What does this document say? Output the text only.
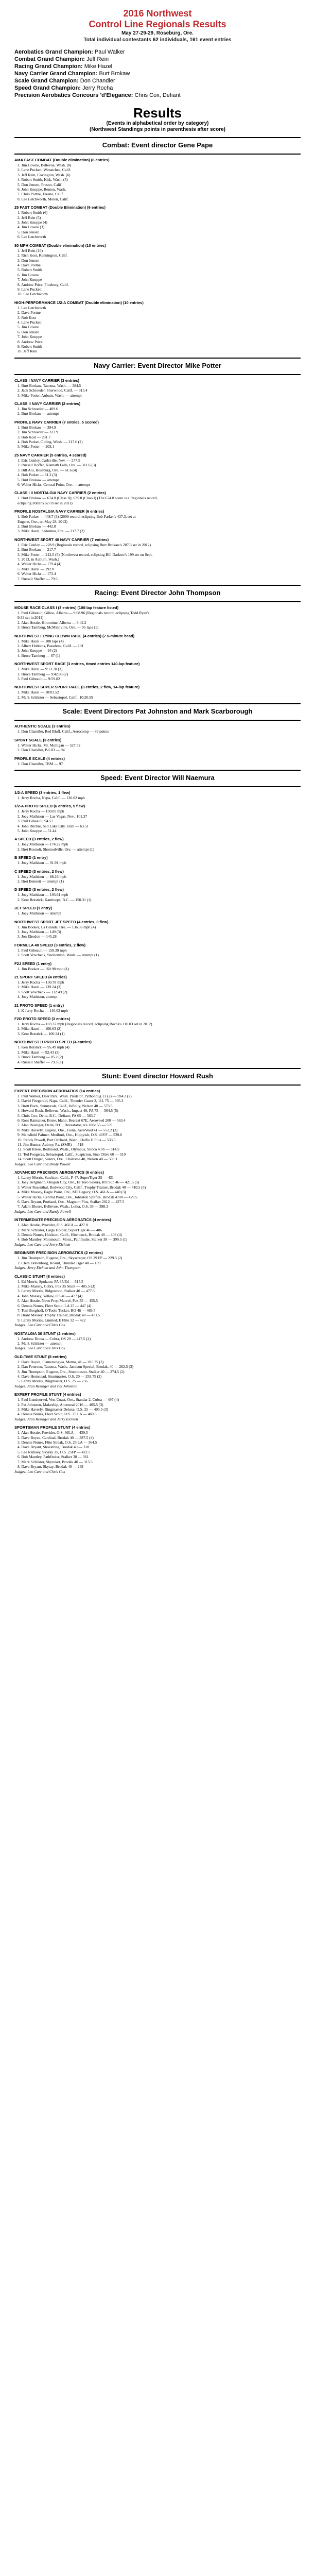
2016 Northwest
Control Line Regionals Results
May 27-29-29, Roseburg, Ore.
Total individual contestants 62 individuals, 161 event entries
Aerobatics Grand Champion: Paul Walker
Combat Grand Champion: Jeff Rein
Racing Grand Champion: Mike Hazel
Navy Carrier Grand Champion: Burt Brokaw
Scale Grand Champion: Don Chandler
Speed Grand Champion: Jerry Rocha
Precision Aerobatics Concours 'd'Elegance: Chris Cox, Defiant
Results
(Events in alphabetical order by category)
(Northwest Standings points in parenthesis after score)
Combat: Event director Gene Pape
AMA FAST COMBAT (Double elimination) (8 entries)
1. Jim Cowne, Bellevue, Wash. (8)
2. Lane Puckett, Wenatchee, Calif.
3. Jeff Rein, Covington, Wash. (6)
4. Robert Smith, Kirk, Wash. (5)
5. Don Jensen, Fresno, Calif.
6. John Knoppe, Renton, Wash.
7. Chris Portne, Fresno, Calif.
8. Lee Letchworth, Molen, Calif.
25 FAST COMBAT (Double Elimination) (6 entries)
1. Robert Smith (6)
2. Jeff Rein (5)
3. John Knoppe (4)
4. Jim Cowne (3)
5. Don Jensen
6. Lee Letchworth
80 MPH COMBAT (Double elimination) (10 entries)
1. Jeff Rein (10)
2. Rich Kost, Kennington, Calif.
3. Don Jensen
4. Dave Portne
5. Robert Smith
6. Jim Cowne
7. John Knoppe
8. Andrew Price, Pittsburg, Calif.
9. Lane Puckett
10. Lee Letchworth
HIGH-PERFORMANCE 1/2-A COMBAT (Double elimination) (10 entries)
1. Lee Letchworth
2. Dave Portne
3. Rob Kost
4. Lane Puckett
5. Jim Cowne
6. Don Jensen
7. John Knoppe
8. Andrew Price
9. Robert Smith
10. Jeff Rein
Navy Carrier: Event Director Mike Potter
CLASS I NAVY CARRIER (3 entries)
1. Burt Brokaw, Tacoma, Wash. — 384.5
2. Jack Schroeder, Sherwood, Calif. — 315.4
3. Mike Potter, Auburn, Wash. — attempt
CLASS II NAVY CARRIER (2 entries)
1. Jim Schroeder — 409.6
2. Burt Brokaw — attempt
PROFILE NAVY CARRIER (7 entries, 5 scored)
1. Burt Brokaw — 394.9
2. Jim Schroeder — 323.9
3. Bob Kost — 231.7
4. Bob Parker, Olding, Wash. — 217.6 (2)
5. Mike Potter — 203.1
25 NAVY CARRIER (5 entries, 4 scored)
1. Eric Conley, Carlsville, Nev. — 277.5
2. Russell Hoffer, Klamath Falls, Ore. — 311.6 (3)
3. Bill Alu, Roseburg, Ore. — 61.6 (4)
4. Bob Parker — 81.2 (3)
5. Burt Brokaw — attempt
6. Walter Hicks, Central Point, Ore. — attempt
CLASS I II NOSTALGIA NAVY CARRIER (2 entries)
1. Burt Brokaw — 674.8 (Class II); 635.8 (Class I) (The 674.8 score is a Regionals record,
eclipsing Potter's 627.8 set in 2011)
PROFILE NOSTALGIA NAVY CARRIER (6 entries)
1. Bob Parker — 448.7 (3) (2009 record, eclipsing Bob Parker's 437.3, set at
Eugene, Ore., on May 28, 2013)
2. Burt Brokaw — 442.8
3. Mike Hazel, Sedomna, Ore. — 317.7 (2)
NORTHWEST SPORT 40 NAVY CARRIER (7 entries)
1. Eric Conley — 228.9 (Regionals record, eclipsing Burt Brokaw's 207.3 set in 2012)
2. Burt Brokaw — 217.7
3. Mike Potter — 212.5 (5) (Northwest record, eclipsing Bill Darkow's 199 set on Sept.
7, 2013, in Auburn, Wash.)
4. Walter Hicks — 179.4 (4)
5. Mike Hazel — 192.8
6. Walter Hicks — 173.4
7. Russell Shaffer — 79.5
Racing: Event Director John Thompson
MOUSE RACE CLASS I (3 entries) (100-lap feature listed)
1. Paul Gibeault, Gilloo, Alberta — 9:08.96 (Regionals record, eclipsing Todd Ryan's
9:33 set in 2011)
2. Alan Hostie, Hirontime, Alberta — 9:42.2
3. Bruce Tamberg, McMinnville, Ore. — 95 laps (1)
NORTHWEST FLYING CLOWN RACE (4 entries) (7.5-minute head)
1. Mike Hazel — 108 laps (4)
2. Albert Hobbins, Pasadena, Calif. — 101
3. John Knoppe — 94 (2)
4. Bruce Tamberg — 67 (1)
NORTHWEST SPORT RACE (3 entries, timed entries 140-lap feature)
1. Mike Hazel — 9:13.70 (3)
2. Bruce Tamberg — 9:42.06 (2)
3. Paul Gibeault — 9:59.82
NORTHWEST SUPER SPORT RACE (3 entries, 2 flew, 14-lap feature)
1. Mike Hazel — 10:01.52
2. Mark Schlister — Sebastopol, Calif., 10:20.99
Scale: Event Directors Pat Johnston and Mark Scarborough
AUTHENTIC SCALE (3 entries)
1. Don Chandler, Red Bluff, Calif., Aerocomp — 89 points
SPORT SCALE (3 entries)
1. Walter Hicks, Mr. Mulligan — 527.52
2. Don Chandler, P-51D — 94
PROFILE SCALE (4 entries)
1. Don Chandler, TBM — 97
Speed: Event Director Will Naemura
1/2-A SPEED (3 entries, 1 flew)
1. Jerry Rocha, Napa, Calif. — 130.02 mph
1/2-A PROTO SPEED (6 entries, 5 flew)
1. Jerry Rocha — 100.05 mph
2. Joey Mathison — Las Vegas, Nev., 101.37
3. Paul Gibeault, 94.57
4. John Ritchie, Salt Lake City, Utah — 63.51
5. John Knoppe — 51.44
A SPEED (3 entries, 2 flew)
1. Joey Mathison — 174.22 mph
2. Bret Rosnoli, Shomodville, Ore. — attempt (1)
B SPEED (1 entry)
1. Joey Mathison — 91.91 mph
C SPEED (3 entries, 2 flew)
1. Joey Mathison — 88.16 mph
2. Bret Bennett — attempt (1)
D SPEED (3 entries, 2 flew)
1. Joey Mathison — 193.61 mph
2. Kent Rotstick, Kamloops, B.C. — 150.31 (1)
JET SPEED (1 entry)
1. Joey Mathison — attempt
NORTHWEST SPORT JET SPEED (4 entries, 3 flew)
1. Jim Booker, La Grande, Ore. — 136.36 mph (4)
2. Joey Mathison — 149 (3)
3. Jon Elrodon — 145.28
FORMULA 40 SPEED (3 entries, 2 flew)
1. Paul Gibeault — 158.39 mph
2. Scott Vovcheck, Snohomish, Wash. — attempt (1)
F2J SPEED (1 entry)
1. Jim Booker — 160.98 mph (1)
21 SPORT SPEED (4 entries)
1. Jerry Rocha — 130.78 mph
2. Mike Hazel — 139.24 (3)
3. Scott Vovcheck — 132.49 (2)
4. Joey Mathison, attempt
21 PROTO SPEED (1 entry)
1. K Jerry Rocha — 140.02 mph
F2D PROTO SPEED (3 entries)
1. Jerry Rocha — 103.37 mph (Regionals record, eclipsing Rocha's 110.03 set in 2012)
2. Mike Hazel — 100.63 (2)
3. Kent Rotstick — 100.24 (1)
NORTHWEST B PROTO SPEED (4 entries)
1. Ken Rotstick — 95.49 mph (4)
2. Mike Hazel — 92.43 (3)
3. Bruce Tamberg — 85.2 (2)
4. Russell Shaffer — 79.3 (1)
Stunt: Event director Howard Rush
EXPERT PRECISION AEROBATICS (14 entries)
1. Paul Walker, Deer Park, Wash. Predator, Pythonbug 13 (2) — 594.2 (2)
2. David Fitzgerald, Napa, Calif., Thunder Gazer 2, 11L 75 — 595.3
3. Brett Buck, Sunnyvale, Calif., Infinity, Nelson 40 — 573.5
4. Howard Rush, Bellevue, Wash., Impact 46, PA 75 — 564.5 (5)
5. Chris Cox, Delta, B.C., Defiant, PA 65 — 563.7
6. Ross Ramsauer, Boise, Idaho, Bearcat 67E, Aeroveed 200 — 563.4
7. Alan Resinger, Delta, B.C., Devastator, rcs 200c 55 — 559
8. Mike Haverly, Eugene, Ore., Fiona, AeroVeed 41 — 552.2 (3)
9. Mansfield Palmer, Medford, Ore., Hippyish, O.S. 40VF — 539.6
10. Randy Powell, Port Orchard, Wash., Halfie II Plus — 533.5
11. Jim Hunter, Aubrey, Pa. (SMR) — 518
12. Scott Riese, Redmond, Wash., Olympus, Stinco 4.0S — 514.5
13. Ted Fongeras, Sebastopol, Calif., Suspicion, Sino Olive 60 — 510
14. Scott Dinger, Sisters, Ore., Charisma 40, Nelson 40 — 503.1
Judges: Leo Carr and Brody Powell
ADVANCED PRECISION AEROBATICS (6 entries)
1. Lanny Morris, Stockton, Calif., P-47, SuperTiger 35 — 431
2. Joey Bergmann, Oregon City, Ore., El Toro Sakura, RO.Sub 46 — 421.5 (5)
3. Walter Rosenthal, Redwood City, Calif., Trophy Trainer, Brodak 40 — 410.5 (5)
4. Mike Massey, Eagle Point, Ore., MT Legacy, O.S. 46LA — 440 (3)
5. Walter Hicks, Central Point, Ore., Johnston Spitfire, Brodak 4700 — 429.5
6. Dave Bryant, Portland, Ore., Magnum Plus, Stalker 2012 — 427.5
7. Adam Bloore, Bellevue, Wash., Lotka, O.S. 35 — 398.3
Judges: Leo Carr and Randy Powell
INTERMEDIATE PRECISION AEROBATICS (4 entries)
1. Alan Hostie, Provider, O.S. 46LA — 427.8
2. Mark Schlister, Large Holder, SuperTiger 46 — 406
3. Dennis Nunes, Hockton, Calif., Hitchcock, Brodak 40 — 406 (4)
4. Bob Mantley, Monmouth, Mont., Pathfinder, Stalker 38 — 399.5 (1)
Judges: Leo Carr and Jerry Eichten
BEGINNER PRECISION AEROBATICS (2 entries)
1. Jim Thompson, Eugene, Ore., Skyscraper, OS 29 FP — 229.5 (2)
2. Clem Dohenborg, Rosuit, Thunder Tiger 48 — 189
Judges: Jerry Eichten and John Thompson
CLASSIC STUNT (8 entries)
1. Ed Morris, Spokane, PA 35/Ed — 515.5
2. Mike Massey, Cobra, Fox 35 Stunt — 485.5 (3)
3. Lanny Morris, Ridgewood, Stalker 40 — 477.5
4. John Massey, Yellow, OS 46 — 477 (4)
5. Alan Hostie, Nuvo Prop Marvel, Fox 35 — 455.5
6. Dennis Nunes, Fleet Scout, LA 25 — 447 (4)
7. Tom Berghoff, O'Toole Tucker, RO 46 — 469.5
8. Brant Massey, Trophy Trainer, Brodak 40 — 431.5
9. Lanny Morris, Limited, E Flite 32 — 422
Judges: Leo Carr and Chris Cox
NOSTALGIA 30 STUNT (2 entries)
1. Andrew Dinea — Cobra, OS 29 — 447.5 (2)
2. Mark Schlister — attempt
Judges: Leo Carr and Chris Cox
OLD-TIME STUNT (8 entries)
1. Dave Boyce, Flamencogwa, Memo, 41 — 285.75 (3)
2. Dan Peterson, Tacoma, Wash., Jamison Special, Brodak, 40 — 282.5 (3)
3. Jim Thompson, Eugene, Ore., Stuntmaster, Stalker 40 — 274.5 (2)
4. Dave Hemstead, Stuntmaster, O.S. 20 — 259.75 (2)
5. Lanny Morris, Ringmaster, O.S. 25 — 256
Judges: Alan Resinger and Pat Johnston
EXPERT PROFILE STUNT (4 entries)
1. Paul Lundeorwd, Vest Coast, Ore., Standar 2, Cobra — 497 (4)
2. Pat Johnston, Makeship, Ancestral 2016 — 405.5 (3)
3. Mike Haverly, Ringmaster Deluxe, O.S. 25 — 405.5 (3)
4. Dennis Nunes, Fleet Scout, O.S. 25 LA — 469.5
Judges: Alan Resinger and Jerry Eichten
SPORTSMAN PROFILE STUNT (4 entries)
1. Alan Hostie, Provider, O.S. 46LA — 439.5
2. Dave Boyce, Cardinal, Brodak 40 — 387.5 (4)
3. Dennis Nunes, Flite Streak, O.S. 25 LA — 364.5
4. Dave Bryant, Shoestring, Brodak 40 — 318
5. Lee Ramsey, Skyray 35, O.S. 25FP — 422.5
6. Bob Mantley, Pathfinder, Stalker 38 — 361
7. Mark Schlister, Skyroket, Brodak 40 — 315.5
8. Dave Bryant, Skyray, Brodak 40 — 249
Judges: Leo Carr and Chris Cox
